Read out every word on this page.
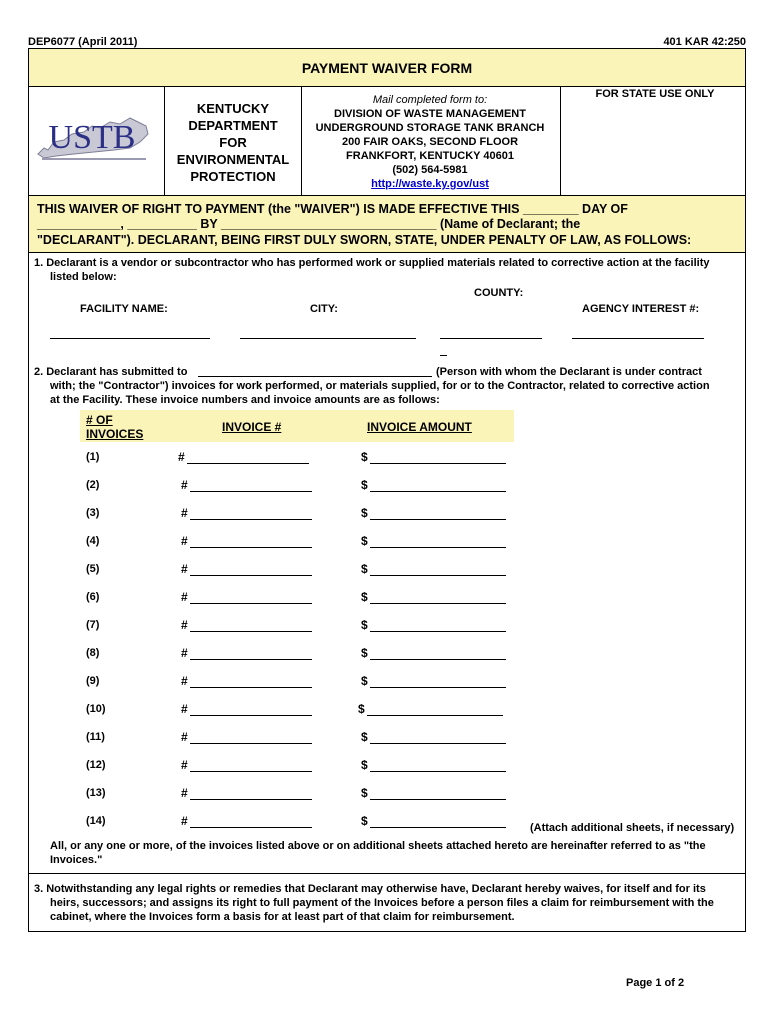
DEP6077 (April 2011)	401 KAR 42:250
PAYMENT WAIVER FORM
USTB
KENTUCKY
DEPARTMENT
FOR
ENVIRONMENTAL
PROTECTION
Mail completed form to:
DIVISION OF WASTE MANAGEMENT
UNDERGROUND STORAGE TANK BRANCH
200 FAIR OAKS, SECOND FLOOR
FRANKFORT, KENTUCKY 40601
(502) 564-5981
http://waste.ky.gov/ust
FOR STATE USE ONLY
THIS WAIVER OF RIGHT TO PAYMENT (the "WAIVER") IS MADE EFFECTIVE THIS ________ DAY OF
____________, __________ BY _______________________________ (Name of Declarant; the
"DECLARANT"). DECLARANT, BEING FIRST DULY SWORN, STATE, UNDER PENALTY OF LAW, AS FOLLOWS:
1. Declarant is a vendor or subcontractor who has performed work or supplied materials related to corrective action at the facility
listed below:
COUNTY:
FACILITY NAME:	CITY:	AGENCY INTEREST #:
2. Declarant has submitted to	(Person with whom the Declarant is under contract
with; the "Contractor") invoices for work performed, or materials supplied, for or to the Contractor, related to corrective action
at the Facility. These invoice numbers and invoice amounts are as follows:
# OF
INVOICES	INVOICE #	INVOICE AMOUNT
(1)	#	$
(2)	#	$
(3)	#	$
(4)	#	$
(5)	#	$
(6)	#	$
(7)	#	$
(8)	#	$
(9)	#	$
(10)	#	$
(11)	#	$
(12)	#	$
(13)	#	$
(14)	#	$	(Attach additional sheets, if necessary)
All, or any one or more, of the invoices listed above or on additional sheets attached hereto are hereinafter referred to as "the
Invoices."
3. Notwithstanding any legal rights or remedies that Declarant may otherwise have, Declarant hereby waives, for itself and for its
heirs, successors; and assigns its right to full payment of the Invoices before a person files a claim for reimbursement with the
cabinet, where the Invoices form a basis for at least part of that claim for reimbursement.
Page 1 of 2
